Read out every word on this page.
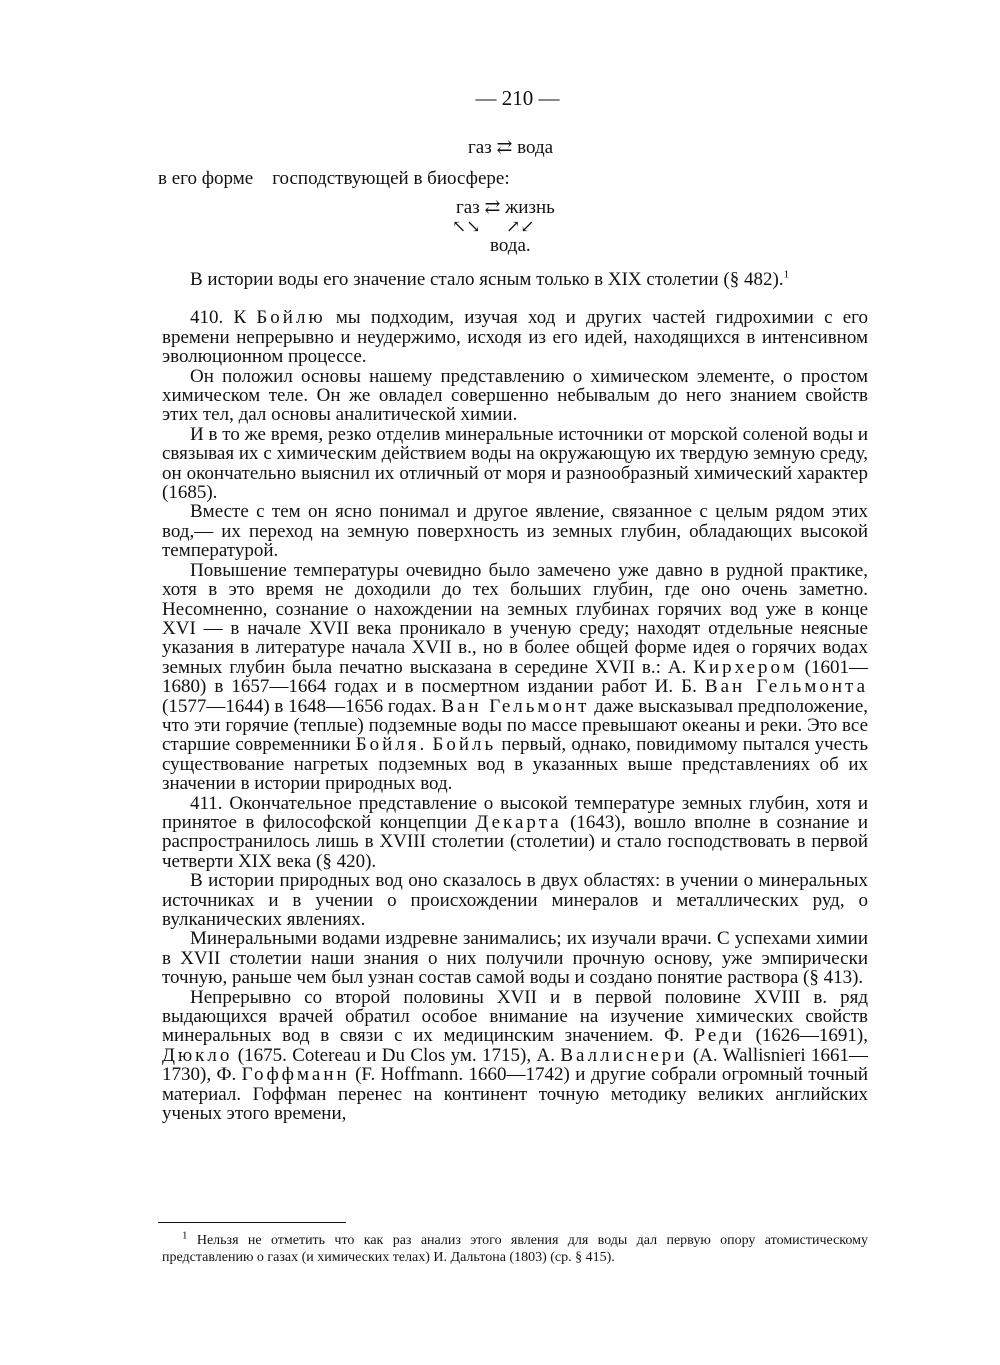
— 210 —
газ ⇄ вода
в его форме    господствующей в биосфере:
газ ⇄ жизнь
↖↘      ↗↙
вода.

В истории воды его значение стало ясным только в XIX столетии (§ 482).$^1$

410. К Бойлю мы подходим, изучая ход и других частей гидрохимии с его времени непрерывно и неудержимо, исходя из его идей, находящихся в интенсивном эволюционном процессе.

Он положил основы нашему представлению о химическом элементе, о простом химическом теле. Он же овладел совершенно небывалым до него знанием свойств этих тел, дал основы аналитической химии.

И в то же время, резко отделив минеральные источники от морской соленой воды и связывая их с химическим действием воды на окружающую их твердую земную среду, он окончательно выяснил их отличный от моря и разнообразный химический характер (1685).

Вместе с тем он ясно понимал и другое явление, связанное с целым рядом этих вод,— их переход на земную поверхность из земных глубин, обладающих высокой температурой.

Повышение температуры очевидно было замечено уже давно в рудной практике, хотя в это время не доходили до тех больших глубин, где оно очень заметно. Несомненно, сознание о нахождении на земных глубинах горячих вод уже в конце XVI — в начале XVII века проникало в ученую среду; находят отдельные неясные указания в литературе начала XVII в., но в более общей форме идея о горячих водах земных глубин была печатно высказана в середине XVII в.: А. Кирхером (1601—1680) в 1657—1664 годах и в посмертном издании работ И. Б. Ван Гельмонта (1577—1644) в 1648—1656 годах. Ван Гельмонт даже высказывал предположение, что эти горячие (теплые) подземные воды по массе превышают океаны и реки. Это все старшие современники Бойля. Бойль первый, однако, повидимому пытался учесть существование нагретых подземных вод в указанных выше представлениях об их значении в истории природных вод.

411. Окончательное представление о высокой температуре земных глубин, хотя и принятое в философской концепции Декарта (1643), вошло вполне в сознание и распространилось лишь в XVIII столетии (столетии) и стало господствовать в первой четверти XIX века (§ 420).

В истории природных вод оно сказалось в двух областях: в учении о минеральных источниках и в учении о происхождении минералов и металлических руд, о вулканических явлениях.

Минеральными водами издревне занимались; их изучали врачи. С успехами химии в XVII столетии наши знания о них получили прочную основу, уже эмпирически точную, раньше чем был узнан состав самой воды и создано понятие раствора (§ 413).

Непрерывно со второй половины XVII и в первой половине XVIII в. ряд выдающихся врачей обратил особое внимание на изучение химических свойств минеральных вод в связи с их медицинским значением. Ф. Реди (1626—1691), Дюкло (1675. Cotereau и Du Clos ум. 1715), А. Валлиснери (A. Wallisnieri 1661—1730), Ф. Гоффманн (F. Hoffmann. 1660—1742) и другие собрали огромный точный материал. Гоффман перенес на континент точную методику великих английских ученых этого времени,

$^1$ Нельзя не отметить что как раз анализ этого явления для воды дал первую опору атомистическому представлению о газах (и химических телах) И. Дальтона (1803) (ср. § 415).
